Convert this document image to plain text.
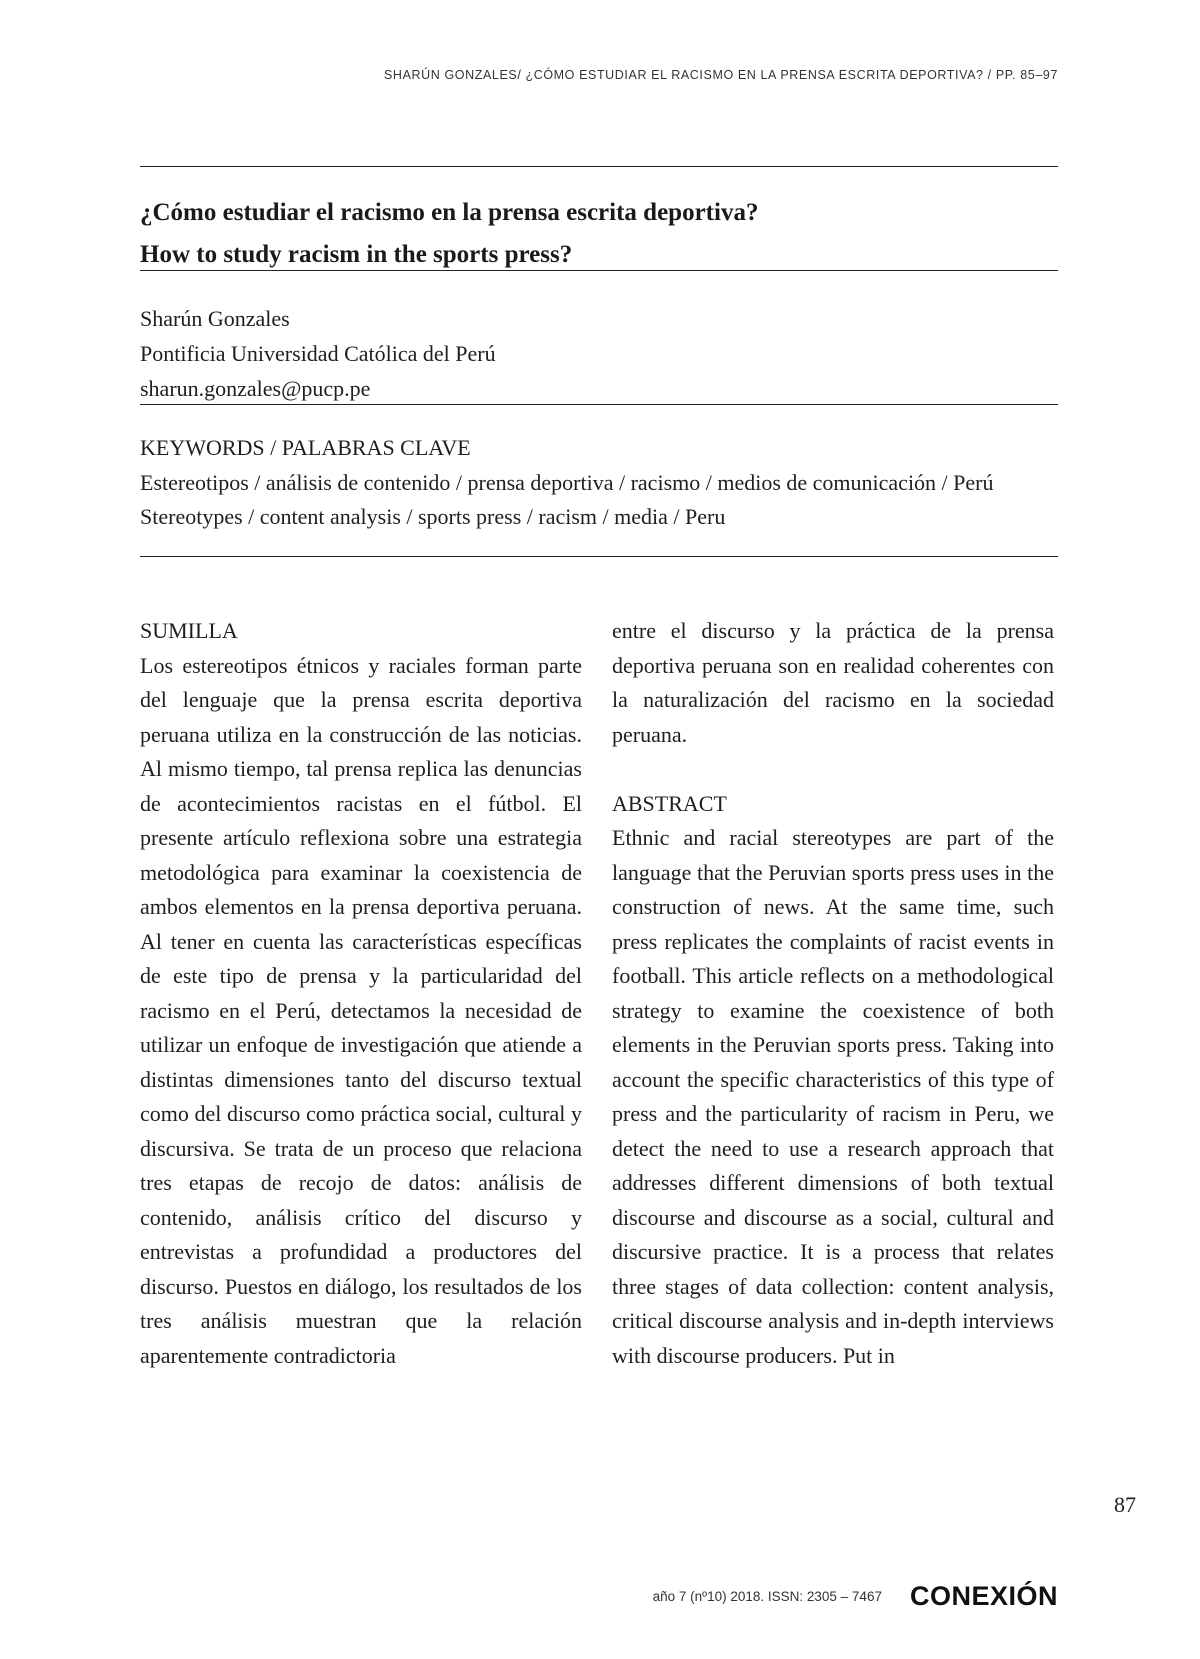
SHARÚN GONZALES/ ¿CÓMO ESTUDIAR EL RACISMO EN LA PRENSA ESCRITA DEPORTIVA? / PP. 85–97
¿Cómo estudiar el racismo en la prensa escrita deportiva?
How to study racism in the sports press?
Sharún Gonzales
Pontificia Universidad Católica del Perú
sharun.gonzales@pucp.pe
KEYWORDS / PALABRAS CLAVE
Estereotipos / análisis de contenido / prensa deportiva / racismo / medios de comunicación / Perú
Stereotypes / content analysis / sports press / racism / media / Peru

SUMILLA

Los estereotipos étnicos y raciales forman parte del lenguaje que la prensa escrita deportiva peruana utiliza en la construcción de las noticias. Al mismo tiempo, tal prensa replica las denuncias de acontecimientos racistas en el fútbol. El presente artículo reflexiona sobre una estrategia metodológica para examinar la coexistencia de ambos elementos en la prensa deportiva peruana. Al tener en cuenta las características específicas de este tipo de prensa y la particularidad del racismo en el Perú, detectamos la necesidad de utilizar un enfoque de investigación que atiende a distintas dimensiones tanto del discurso textual como del discurso como práctica social, cultural y discursiva. Se trata de un proceso que relaciona tres etapas de recojo de datos: análisis de contenido, análisis crítico del discurso y entrevistas a profundidad a productores del discurso. Puestos en diálogo, los resultados de los tres análisis muestran que la relación aparentemente contradictoria

entre el discurso y la práctica de la prensa deportiva peruana son en realidad coherentes con la naturalización del racismo en la sociedad peruana.

ABSTRACT

Ethnic and racial stereotypes are part of the language that the Peruvian sports press uses in the construction of news. At the same time, such press replicates the complaints of racist events in football. This article reflects on a methodological strategy to examine the coexistence of both elements in the Peruvian sports press. Taking into account the specific characteristics of this type of press and the particularity of racism in Peru, we detect the need to use a research approach that addresses different dimensions of both textual discourse and discourse as a social, cultural and discursive practice. It is a process that relates three stages of data collection: content analysis, critical discourse analysis and in-depth interviews with discourse producers. Put in

87
año 7 (nº10) 2018. ISSN: 2305 – 7467 CONEXIÓN
